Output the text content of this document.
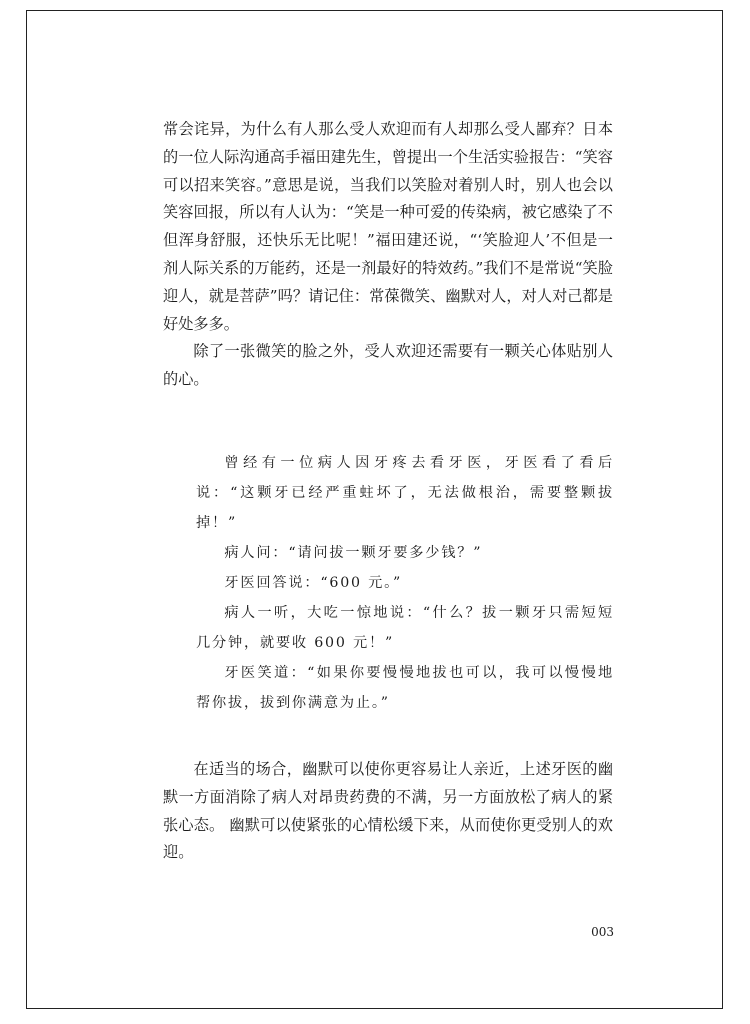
常会诧异，为什么有人那么受人欢迎而有人却那么受人鄙弃？日本的一位人际沟通高手福田建先生，曾提出一个生活实验报告：“笑容可以招来笑容。”意思是说，当我们以笑脸对着别人时，别人也会以笑容回报，所以有人认为：“笑是一种可爱的传染病，被它感染了不但浑身舒服，还快乐无比呢！”福田建还说，“‘笑脸迎人’不但是一剂人际关系的万能药，还是一剂最好的特效药。”我们不是常说“笑脸迎人，就是菩萨”吗？请记住：常葆微笑、幽默对人，对人对己都是好处多多。

除了一张微笑的脸之外，受人欢迎还需要有一颗关心体贴别人的心。

曾经有一位病人因牙疼去看牙医，牙医看了看后说：“这颗牙已经严重蛀坏了，无法做根治，需要整颗拔掉！”

病人问：“请问拔一颗牙要多少钱？”

牙医回答说：“600 元。”

病人一听，大吃一惊地说：“什么？拔一颗牙只需短短几分钟，就要收 600 元！”

牙医笑道：“如果你要慢慢地拔也可以，我可以慢慢地帮你拔，拔到你满意为止。”

在适当的场合，幽默可以使你更容易让人亲近，上述牙医的幽默一方面消除了病人对昂贵药费的不满，另一方面放松了病人的紧张心态。 幽默可以使紧张的心情松缓下来，从而使你更受别人的欢迎。

003
